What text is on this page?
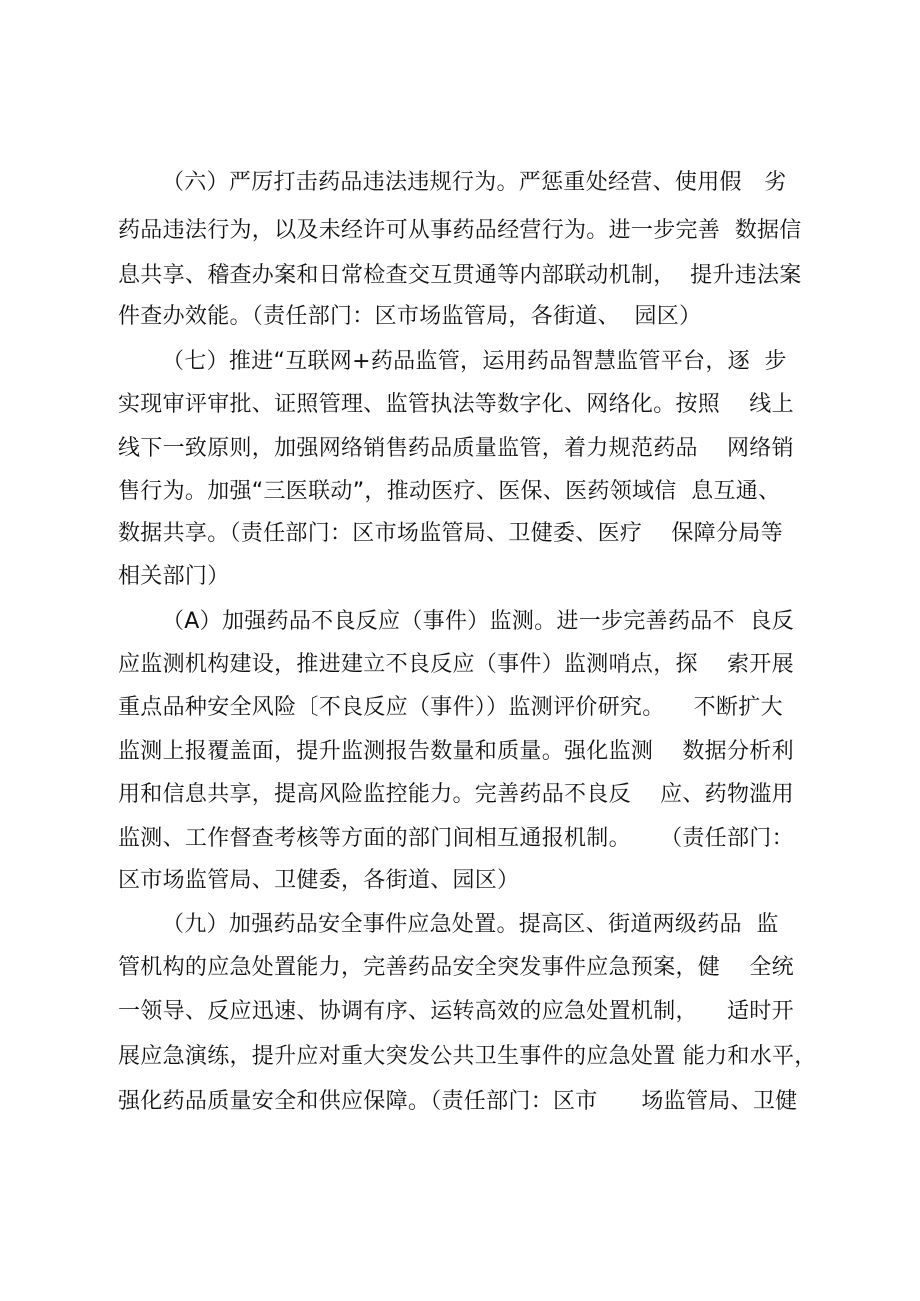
（六）严厉打击药品违法违规行为。严惩重处经营、使用假　劣
药品违法行为，以及未经许可从事药品经营行为。进一步完善  数据信
息共享、稽查办案和日常检查交互贯通等内部联动机制，  提升违法案
件查办效能。（责任部门：区市场监管局，各街道、  园区）
（七）推进“互联网+药品监管，运用药品智慧监管平台，逐  步
实现审评审批、证照管理、监管执法等数字化、网络化。按照    线上
线下一致原则，加强网络销售药品质量监管，着力规范药品    网络销
售行为。加强“三医联动”，推动医疗、医保、医药领域信  息互通、
数据共享。（责任部门：区市场监管局、卫健委、医疗    保障分局等
相关部门）
（A）加强药品不良反应（事件）监测。进一步完善药品不  良反
应监测机构建设，推进建立不良反应（事件）监测哨点，探    索开展
重点品种安全风险〔不良反应（事件））监测评价研究。    不断扩大
监测上报覆盖面，提升监测报告数量和质量。强化监测    数据分析利
用和信息共享，提高风险监控能力。完善药品不良反    应、药物滥用
监测、工作督查考核等方面的部门间相互通报机制。    （责任部门：
区市场监管局、卫健委，各街道、园区）
（九）加强药品安全事件应急处置。提高区、街道两级药品  监
管机构的应急处置能力，完善药品安全突发事件应急预案，健    全统
一领导、反应迅速、协调有序、运转高效的应急处置机制，    适时开
展应急演练，提升应对重大突发公共卫生事件的应急处置 能力和水平，
强化药品质量安全和供应保障。（责任部门：区市      场监管局、卫健
